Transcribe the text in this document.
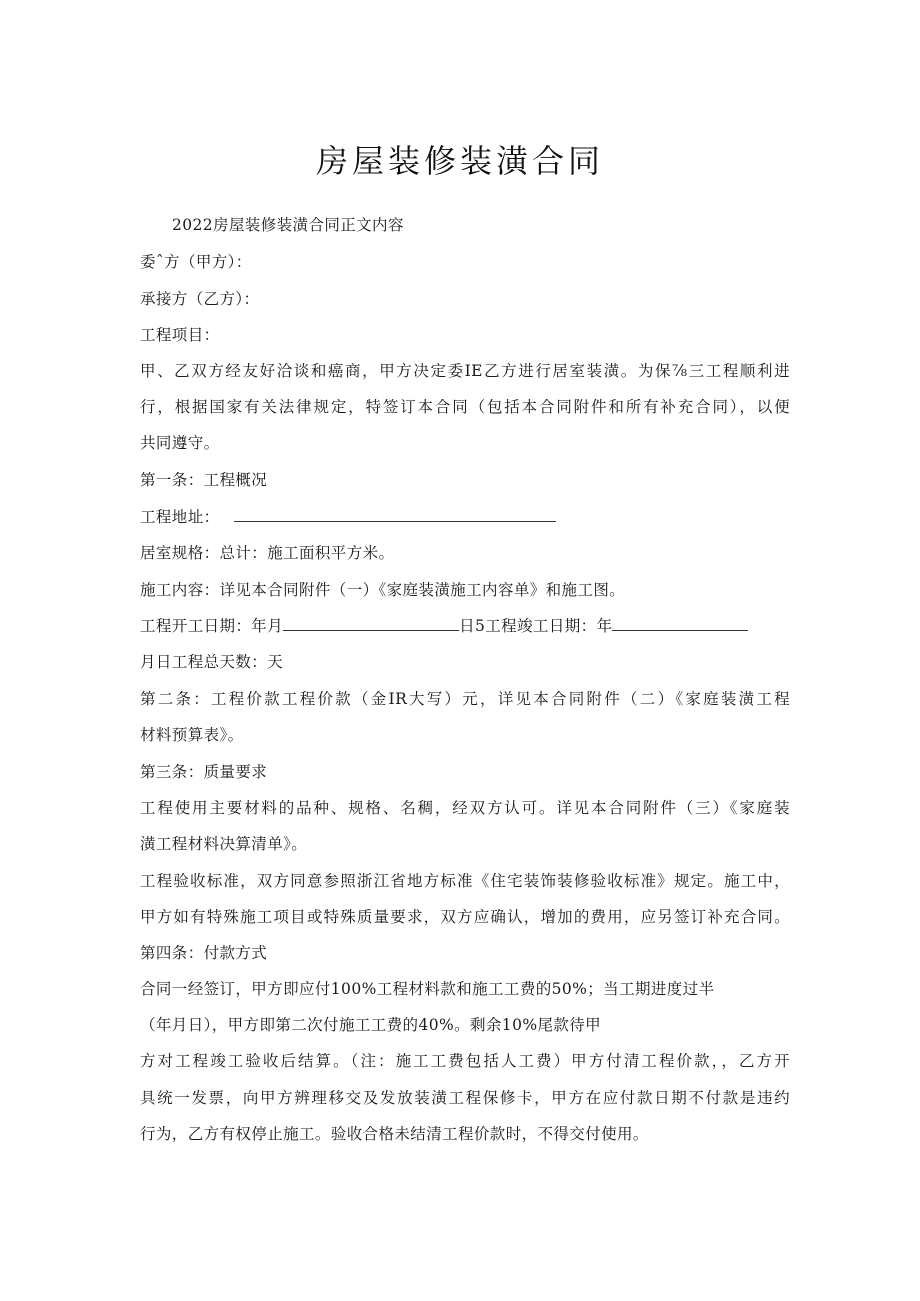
房屋装修装潢合同
2022房屋装修装潢合同正文内容
委ˆ方（甲方）：
承接方（乙方）：
工程项目：
甲、乙双方经友好洽谈和癌商，甲方决定委IE乙方进行居室装潢。为保⅞三工程顺利进
行，根据国家有关法律规定，特签订本合同（包括本合同附件和所有补充合同），以便
共同遵守。
第一条：工程概况
工程地址：
居室规格：总计：施工面积平方米。
施工内容：详见本合同附件（一）《家庭装潢施工内容单》和施工图。
工程开工日期：年月	日5工程竣工日期：年
月日工程总天数：天
第二条：工程价款工程价款（金IR大写）元，详见本合同附件（二）《家庭装潢工程
材料预算表》。
第三条：质量要求
工程使用主要材料的品种、规格、名稠，经双方认可。详见本合同附件（三）《家庭装
潢工程材料决算清单》。
工程验收标准，双方同意参照浙江省地方标准《住宅装饰装修验收标准》规定。施工中，
甲方如有特殊施工项目或特殊质量要求，双方应确认，增加的费用，应另签订补充合同。
第四条：付款方式
合同一经签订，甲方即应付100%工程材料款和施工工费的50%；当工期进度过半
（年月日），甲方即第二次付施工工费的40%。剩余10%尾款待甲
方对工程竣工验收后结算。（注：施工工费包括人工费）甲方付清工程价款，，乙方开
具统一发票，向甲方辨理移交及发放装潢工程保修卡，甲方在应付款日期不付款是违约
行为，乙方有权停止施工。验收合格未结清工程价款时，不得交付使用。
